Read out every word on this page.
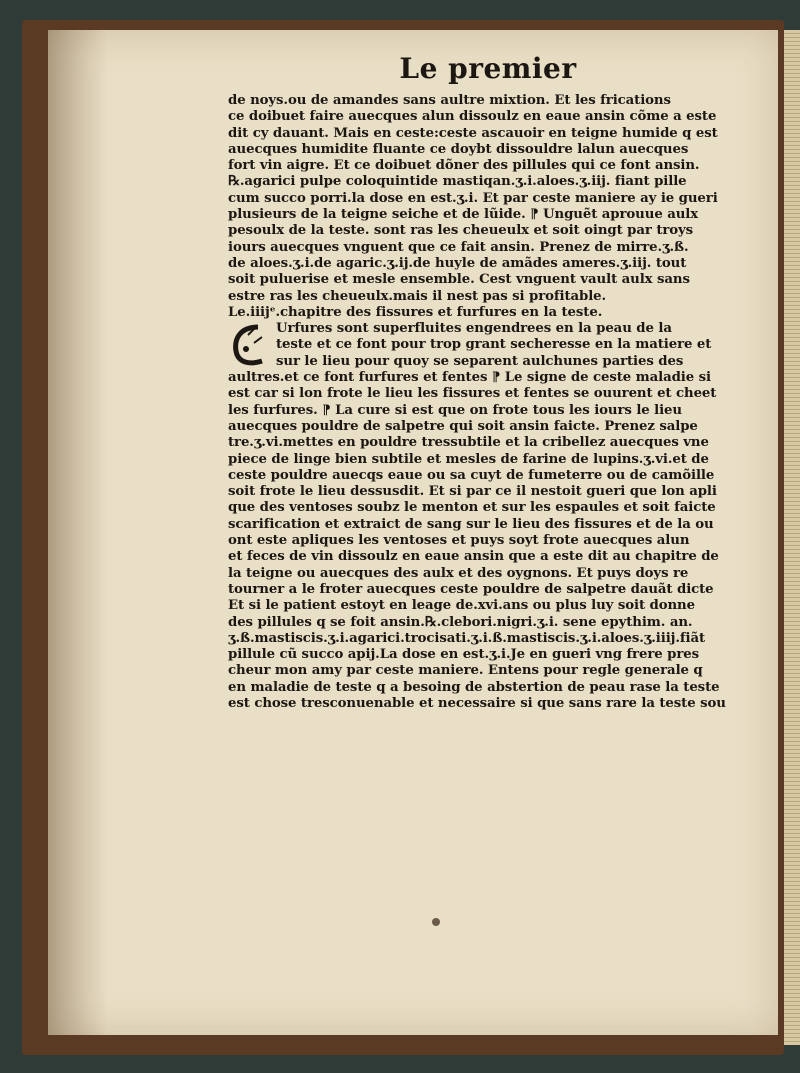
Le premier
de noys.ou de amandes sans aultre mixtion. Et les frications
ce doibuet faire auecques alun dissoulz en eaue ansin cõme a este
dit cy dauant. Mais en ceste:ceste ascauoir en teigne humide q est
auecques humidite fluante ce doybt dissouldre lalun auecques
fort vin aigre. Et ce doibuet dõner des pillules qui ce font ansin.
℞.agarici pulpe coloquintide mastiqan.ʒ.i.aloes.ʒ.iij. fiant pille
cum succo porri.la dose en est.ʒ.i. Et par ceste maniere ay ie gueri
plusieurs de la teigne seiche et de lũide. ⁋ Unguẽt aprouue aulx
pesoulx de la teste. sont ras les cheueulx et soit oingt par troys
iours auecques vnguent que ce fait ansin. Prenez de mirre.ʒ.ß.
de aloes.ʒ.i.de agaric.ʒ.ij.de huyle de amãdes ameres.ʒ.iij. tout
soit puluerise et mesle ensemble. Cest vnguent vault aulx sans
estre ras les cheueulx.mais il nest pas si profitable.
Le.iiijᵉ.chapitre des fissures et furfures en la teste.
Urfures sont superfluites engendrees en la peau de la
teste et ce font pour trop grant secheresse en la matiere et
sur le lieu pour quoy se separent aulchunes parties des
aultres.et ce font furfures et fentes ⁋ Le signe de ceste maladie si
est car si lon frote le lieu les fissures et fentes se ouurent et cheet
les furfures. ⁋ La cure si est que on frote tous les iours le lieu
auecques pouldre de salpetre qui soit ansin faicte. Prenez salpe
tre.ʒ.vi.mettes en pouldre tressubtile et la cribellez auecques vne
piece de linge bien subtile et mesles de farine de lupins.ʒ.vi.et de
ceste pouldre auecqs eaue ou sa cuyt de fumeterre ou de camõille
soit frote le lieu dessusdit. Et si par ce il nestoit gueri que lon apli
que des ventoses soubz le menton et sur les espaules et soit faicte
scarification et extraict de sang sur le lieu des fissures et de la ou
ont este apliques les ventoses et puys soyt frote auecques alun
et feces de vin dissoulz en eaue ansin que a este dit au chapitre de
la teigne ou auecques des aulx et des oygnons. Et puys doys re
tourner a le froter auecques ceste pouldre de salpetre dauãt dicte
Et si le patient estoyt en leage de.xvi.ans ou plus luy soit donne
des pillules q se foit ansin.℞.clebori.nigri.ʒ.i. sene epythim. an.
ʒ.ß.mastiscis.ʒ.i.agarici.trocisati.ʒ.i.ß.mastiscis.ʒ.i.aloes.ʒ.iiij.fiãt
pillule cũ succo apij.La dose en est.ʒ.i.Je en gueri vng frere pres
cheur mon amy par ceste maniere. Entens pour regle generale q
en maladie de teste q a besoing de abstertion de peau rase la teste
est chose tresconuenable et necessaire si que sans rare la teste sou
